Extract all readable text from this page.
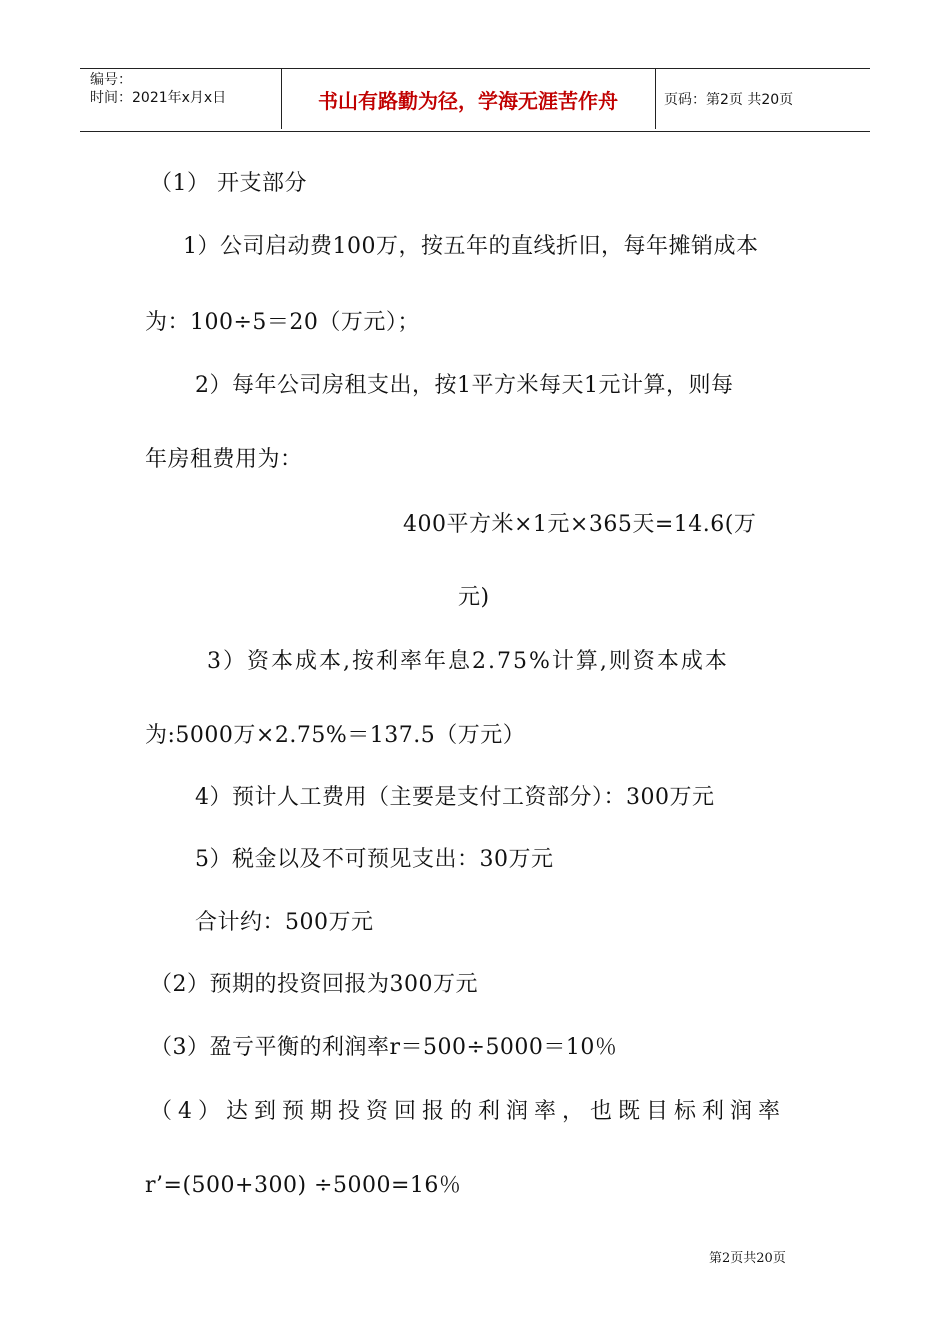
编号：
时间：2021年x月x日	书山有路勤为径，学海无涯苦作舟	页码：第2页 共20页
（1） 开支部分
1）公司启动费100万，按五年的直线折旧，每年摊销成本
为：100÷5＝20（万元）；
2）每年公司房租支出，按1平方米每天1元计算，则每
年房租费用为：
400平方米×1元×365天=14.6(万
元)
3）资本成本,按利率年息2.75%计算,则资本成本
为:5000万×2.75%＝137.5（万元）
4）预计人工费用（主要是支付工资部分）：300万元
5）税金以及不可预见支出：30万元
合计约：500万元
（2）预期的投资回报为300万元
（3）盈亏平衡的利润率r＝500÷5000＝10％
（4）达到预期投资回报的利润率，也既目标利润率
r’=(500+300) ÷5000=16％
第2页共20页
